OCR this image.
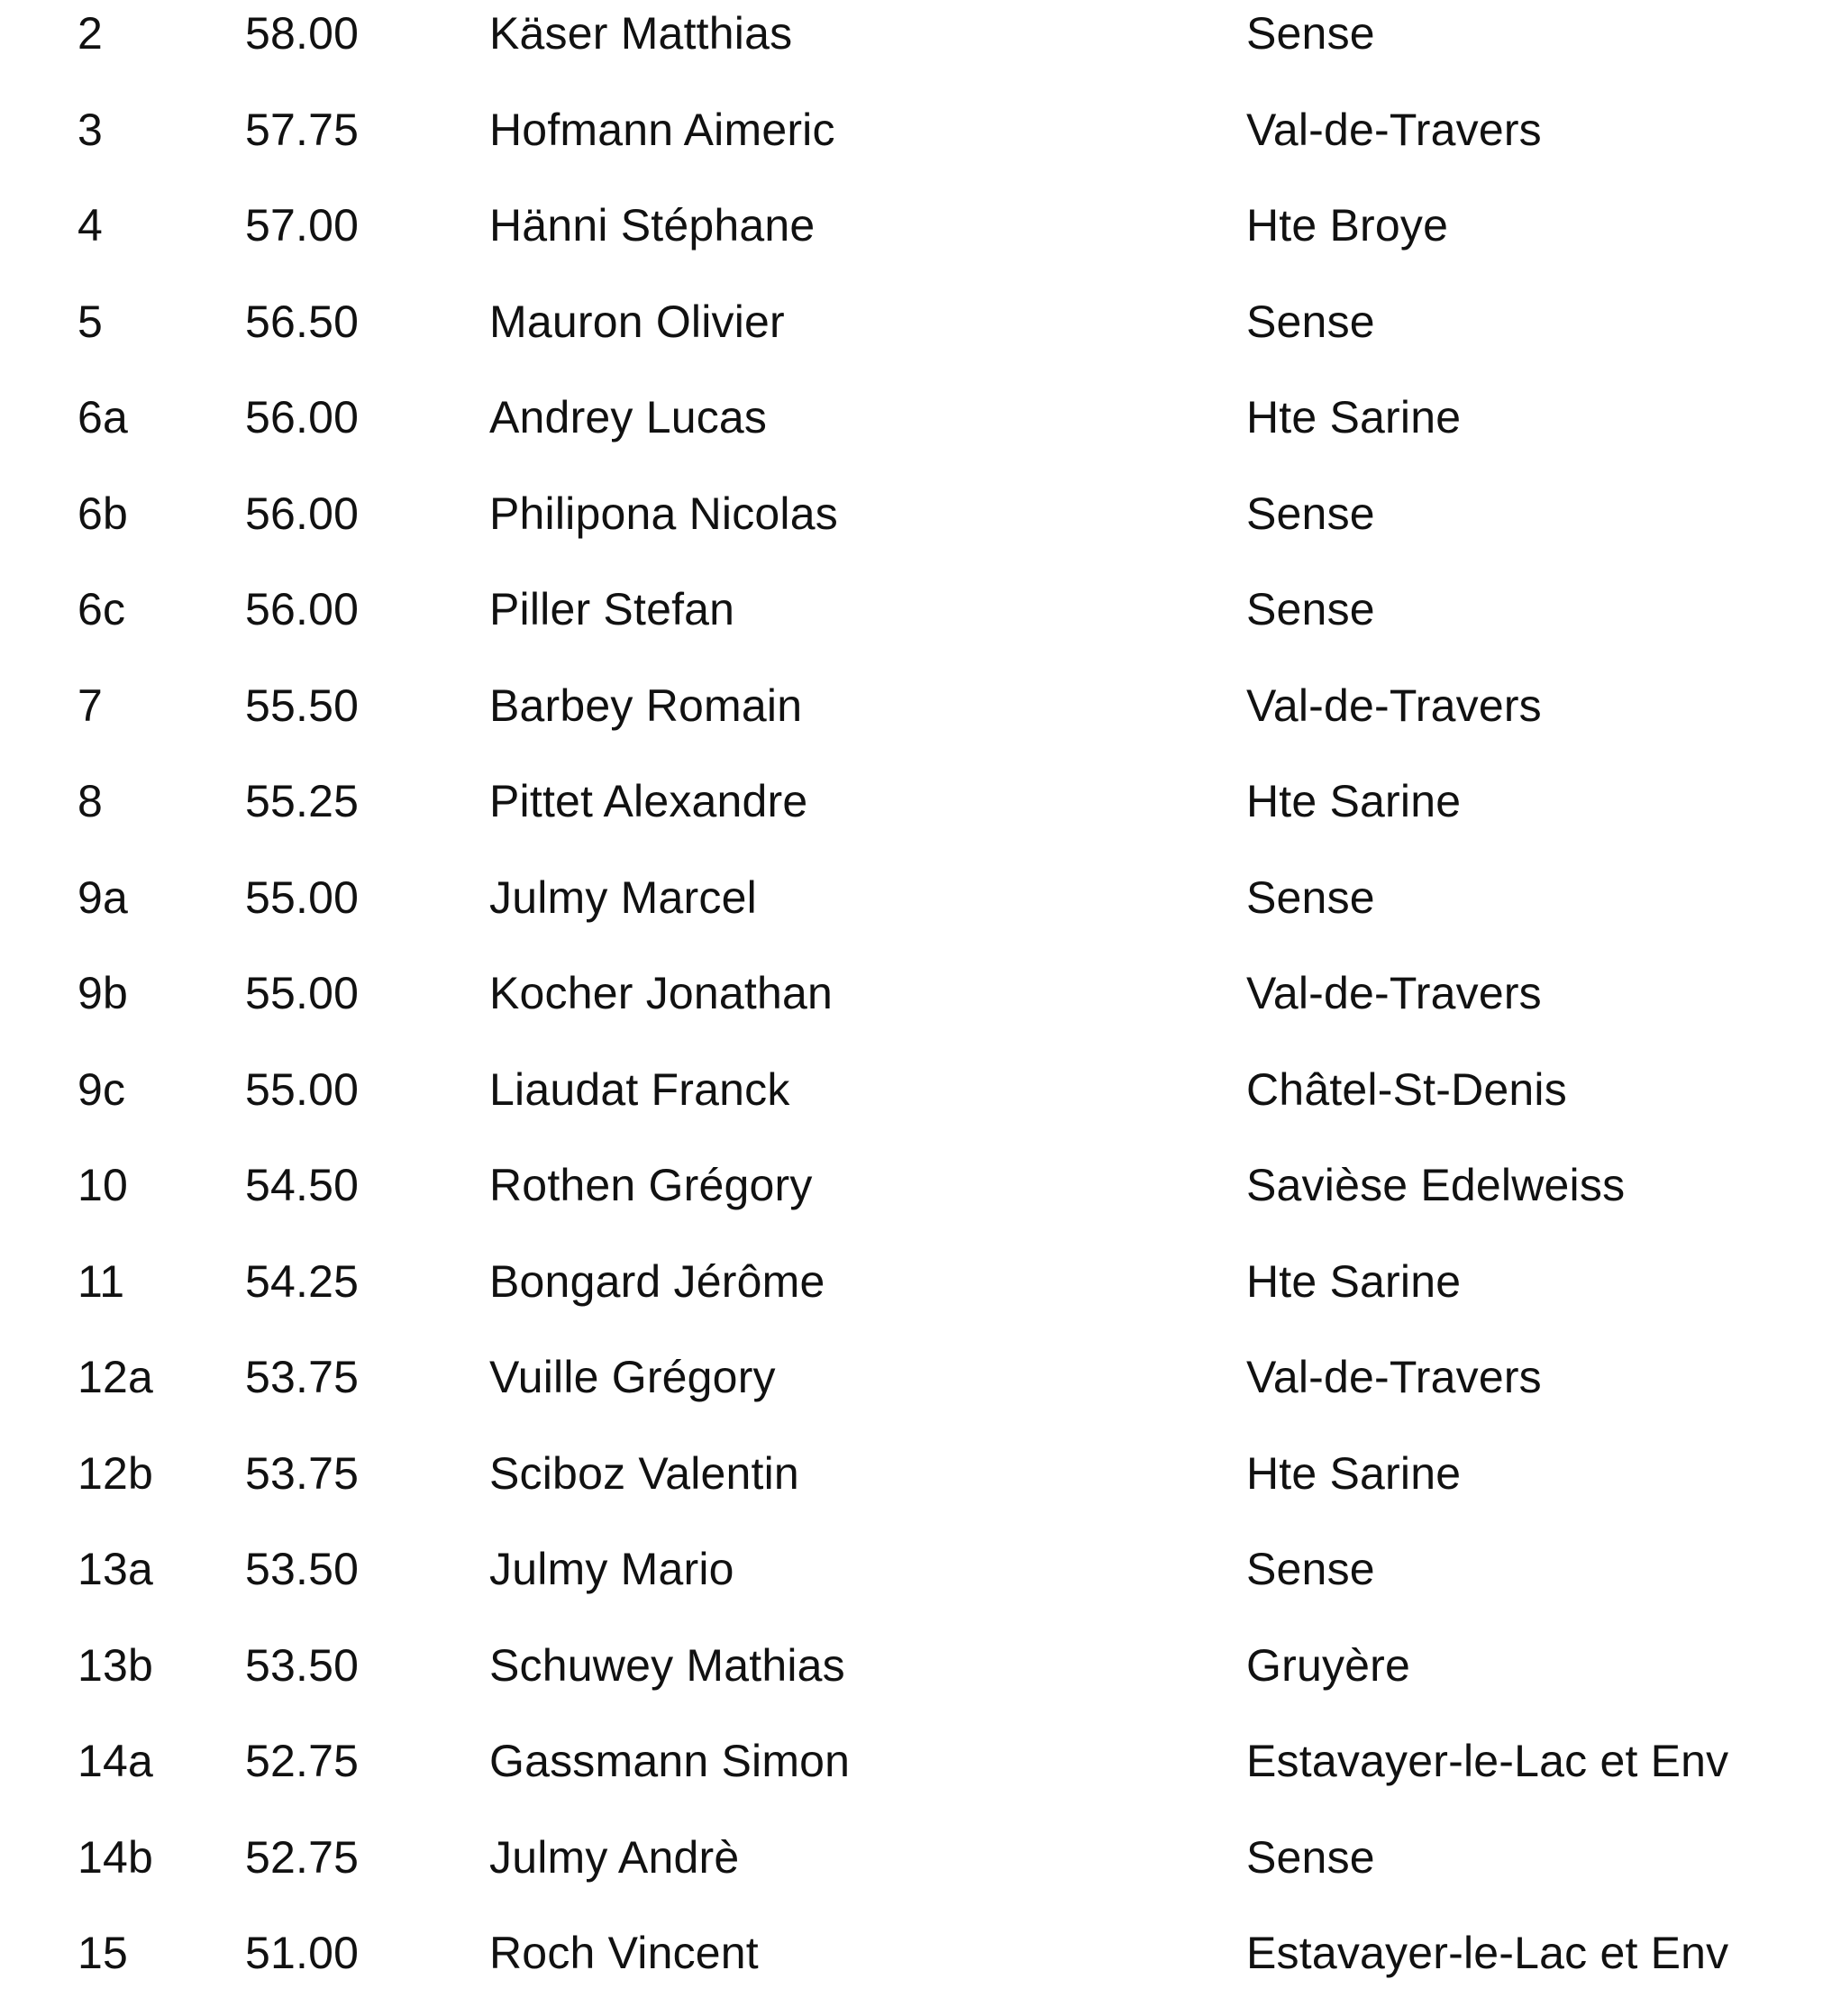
2	58.00	Käser Matthias	Sense
3	57.75	Hofmann Aimeric	Val-de-Travers
4	57.00	Hänni Stéphane	Hte Broye
5	56.50	Mauron Olivier	Sense
6a	56.00	Andrey Lucas	Hte Sarine
6b	56.00	Philipona Nicolas	Sense
6c	56.00	Piller Stefan	Sense
7	55.50	Barbey Romain	Val-de-Travers
8	55.25	Pittet Alexandre	Hte Sarine
9a	55.00	Julmy Marcel	Sense
9b	55.00	Kocher Jonathan	Val-de-Travers
9c	55.00	Liaudat Franck	Châtel-St-Denis
10	54.50	Rothen Grégory	Savièse Edelweiss
11	54.25	Bongard Jérôme	Hte Sarine
12a 53.75	Vuille Grégory	Val-de-Travers
12b 53.75	Sciboz Valentin	Hte Sarine
13a 53.50	Julmy Mario	Sense
13b 53.50	Schuwey Mathias	Gruyère
14a 52.75	Gassmann Simon	Estavayer-le-Lac et Env
14b 52.75	Julmy Andrè	Sense
15	51.00	Roch Vincent	Estavayer-le-Lac et Env
